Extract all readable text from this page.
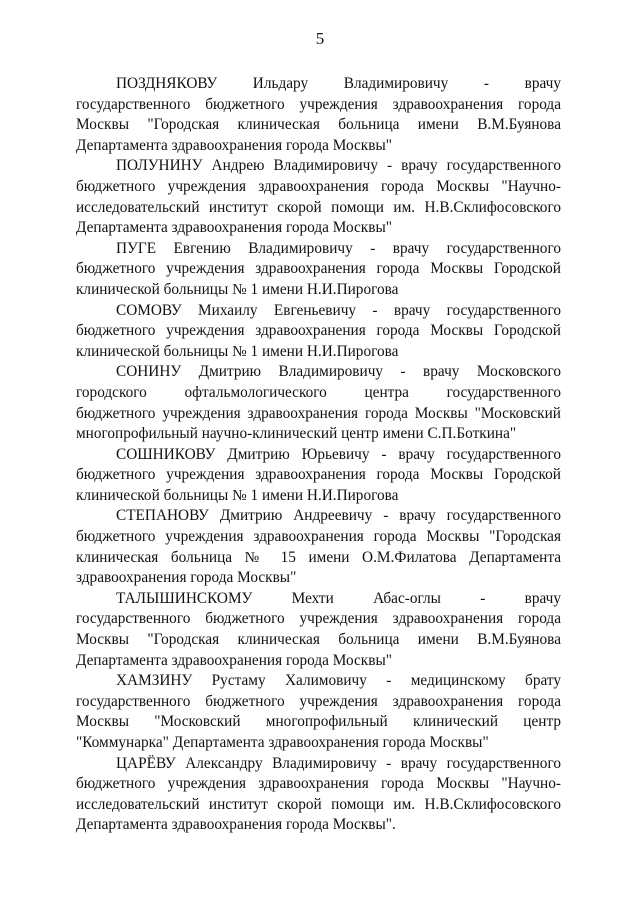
5

ПОЗДНЯКОВУ Ильдару Владимировичу - врачу
государственного бюджетного учреждения здравоохранения города
Москвы "Городская клиническая больница имени В.М.Буянова
Департамента здравоохранения города Москвы"

ПОЛУНИНУ Андрею Владимировичу - врачу государственного
бюджетного учреждения здравоохранения города Москвы "Научно-
исследовательский институт скорой помощи им. Н.В.Склифосовского
Департамента здравоохранения города Москвы"

ПУГЕ Евгению Владимировичу - врачу государственного
бюджетного учреждения здравоохранения города Москвы Городской
клинической больницы № 1 имени Н.И.Пирогова

СОМОВУ Михаилу Евгеньевичу - врачу государственного
бюджетного учреждения здравоохранения города Москвы Городской
клинической больницы № 1 имени Н.И.Пирогова

СОНИНУ Дмитрию Владимировичу - врачу Московского
городского офтальмологического центра государственного
бюджетного учреждения здравоохранения города Москвы "Московский
многопрофильный научно-клинический центр имени С.П.Боткина"

СОШНИКОВУ Дмитрию Юрьевичу - врачу государственного
бюджетного учреждения здравоохранения города Москвы Городской
клинической больницы № 1 имени Н.И.Пирогова

СТЕПАНОВУ Дмитрию Андреевичу - врачу государственного
бюджетного учреждения здравоохранения города Москвы "Городская
клиническая больница № 15 имени О.М.Филатова Департамента
здравоохранения города Москвы"

ТАЛЫШИНСКОМУ Мехти Абас-оглы - врачу
государственного бюджетного учреждения здравоохранения города
Москвы "Городская клиническая больница имени В.М.Буянова
Департамента здравоохранения города Москвы"

ХАМЗИНУ Рустаму Халимовичу - медицинскому брату
государственного бюджетного учреждения здравоохранения города
Москвы "Московский многопрофильный клинический центр
"Коммунарка" Департамента здравоохранения города Москвы"

ЦАРЁВУ Александру Владимировичу - врачу государственного
бюджетного учреждения здравоохранения города Москвы "Научно-
исследовательский институт скорой помощи им. Н.В.Склифосовского
Департамента здравоохранения города Москвы".
